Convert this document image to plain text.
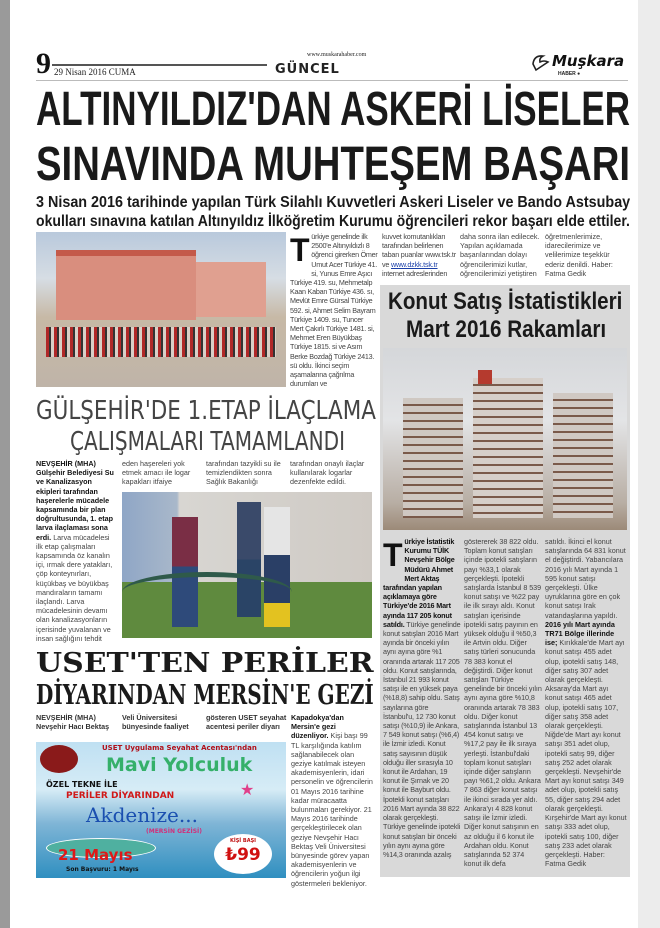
9 29 Nisan 2016 CUMA	GÜNCEL
www.muskarahaber.com	Muşkara
HABER ●
ALTINYILDIZ'DAN ASKERİ LİSELER
SINAVINDA MUHTEŞEM BAŞARI
3 Nisan 2016 tarihinde yapılan Türk Silahlı Kuvvetleri Askeri Liseler ve Bando Astsubay
okulları sınavına katılan Altınyıldız İlköğretim Kurumu öğrencileri rekor başarı elde ettiler.
Türkiye genelinde ilk 2500'e Altınyıldızlı 8 öğrenci girerken Ömer Umut Acer Türkiye 41. si, Yunus Emre Aşıcı Türkiye 419. su, Mehmetalp Kaan Kaban Türkiye 436. sı, Mevlüt Emre Gürsal Türkiye 592. si, Ahmet Selim Bayram Türkiye 1409. su, Tuncer Mert Çakırlı Türkiye 1481. si, Mehmet Eren Büyükbaş Türkiye 1815. si ve Asım Berke Bozdağ Türkiye 2413. sü oldu. İkinci seçim aşamalarına çağrılma durumları ve
kuvvet komutanlıkları tarafından belirlenen taban puanlar www.tsk.tr ve www.dzkk.tsk.tr internet adreslerinden
daha sonra ilan edilecek. Yapılan açıklamada başarılarından dolayı öğrencilerimizi kutlar, öğrencilerimizi yetiştiren
öğretmenlerimize, idarecilerimize ve velilerimize teşekkür ederiz denildi. Haber: Fatma Gedik
Konut Satış İstatistikleri
Mart 2016 Rakamları
Türkiye İstatistik Kurumu TÜİK Nevşehir Bölge Müdürü Ahmet Mert Aktaş tarafından yapılan açıklamaya göre Türkiye'de 2016 Mart ayında 117 205 konut satıldı. Türkiye genelinde konut satışları 2016 Mart ayında bir önceki yılın aynı ayına göre %1 oranında artarak 117 205 oldu. Konut satışlarında, İstanbul 21 993 konut satışı ile en yüksek paya (%18,8) sahip oldu. Satış sayılarına göre İstanbul'u, 12 730 konut satışı (%10,9) ile Ankara, 7 549 konut satışı (%6,4) ile İzmir izledi. Konut satış sayısının düşük olduğu iller sırasıyla 10 konut ile Ardahan, 19 konut ile Şırnak ve 20 konut ile Bayburt oldu. İpotekli konut satışları 2016 Mart ayında 38 822 olarak gerçekleşti. Türkiye genelinde ipotekli konut satışları bir önceki yılın aynı ayına göre %14,3 oranında azalış
göstererek 38 822 oldu. Toplam konut satışları içinde ipotekli satışların payı %33,1 olarak gerçekleşti. İpotekli satışlarda İstanbul 8 539 konut satışı ve %22 pay ile ilk sırayı aldı. Konut satışları içerisinde ipotekli satış payının en yüksek olduğu il %50,3 ile Artvin oldu. Diğer satış türleri sonucunda 78 383 konut el değiştirdi. Diğer konut satışları Türkiye genelinde bir önceki yılın aynı ayına göre %10,8 oranında artarak 78 383 oldu. Diğer konut satışlarında İstanbul 13 454 konut satışı ve %17,2 pay ile ilk sıraya yerleşti. İstanbul'daki toplam konut satışları içinde diğer satışların payı %61,2 oldu. Ankara 7 863 diğer konut satışı ile ikinci sırada yer aldı. Ankara'yı 4 828 konut satışı ile İzmir izledi. Diğer konut satışının en az olduğu il 6 konut ile Ardahan oldu. Konut satışlarında 52 374 konut ilk defa
satıldı. İkinci el konut satışlarında 64 831 konut el değiştirdi. Yabancılara 2016 yılı Mart ayında 1 595 konut satışı gerçekleşti. Ülke uyruklarına göre en çok konut satışı Irak vatandaşlarına yapıldı. 2016 yılı Mart ayında TR71 Bölge illerinde ise; Kırıkkale'de Mart ayı konut satışı 455 adet olup, ipotekli satış 148, diğer satış 307 adet olarak gerçekleşti. Aksaray'da Mart ayı konut satışı 465 adet olup, ipotekli satış 107, diğer satış 358 adet olarak gerçekleşti. Niğde'de Mart ayı konut satışı 351 adet olup, ipotekli satış 99, diğer satış 252 adet olarak gerçekleşti. Nevşehir'de Mart ayı konut satışı 349 adet olup, ipotekli satış 55, diğer satış 294 adet olarak gerçekleşti. Kırşehir'de Mart ayı konut satışı 333 adet olup, ipotekli satış 100, diğer satış 233 adet olarak gerçekleşti. Haber: Fatma Gedik
GÜLŞEHİR'DE 1.ETAP İLAÇLAMA
ÇALIŞMALARI TAMAMLANDI
NEVŞEHİR (MHA) Gülşehir Belediyesi Su ve Kanalizasyon ekipleri tarafından haşerelerle mücadele kapsamında bir plan doğrultusunda, 1. etap larva ilaçlaması sona erdi. Larva mücadelesi ilk etap çalışmaları kapsamında öz kanalın içi, ırmak dere yatakları, çöp konteynırları, küçükbaş ve büyükbaş mandıraların tamamı ilaçlandı. Larva mücadelesinin devamı olan kanalizasyonların içerisinde yuvalanan ve insan sağlığını tehdit
eden haşereleri yok etmek amacı ile logar kapakları itfaiye
tarafından tazyikli su ile temizlendikten sonra Sağlık Bakanlığı
tarafından onaylı ilaçlar kullanılarak logarlar dezenfekte edildi.
USET'TEN PERİLER
DİYARINDAN MERSİN'E GEZİ
NEVŞEHİR (MHA) Nevşehir Hacı Bektaş
Veli Üniversitesi bünyesinde faaliyet
gösteren USET seyahat acentesi periler diyarı
Kapadokya'dan Mersin'e gezi düzenliyor. Kişi başı 99 TL karşılığında katılım sağlanabilecek olan geziye katılmak isteyen akademisyenlerin, idari personelin ve öğrencilerin 01 Mayıs 2016 tarihine kadar müracaatta bulunmaları gerekiyor. 21 Mayıs 2016 tarihinde gerçekleştirilecek olan geziye Nevşehir Hacı Bektaş Veli Üniversitesi bünyesinde görev yapan akademisyenlerin ve öğrencilerin yoğun ilgi göstermeleri bekleniyor.
USET Uygulama Seyahat Acentası'ndan
Mavi Yolculuk
★
ÖZEL TEKNE İLE
PERİLER DİYARINDAN
Akdenize...
(MERSİN GEZİSİ)
KİŞİ BAŞI
₺99
21 Mayıs
Son Başvuru: 1 Mayıs
